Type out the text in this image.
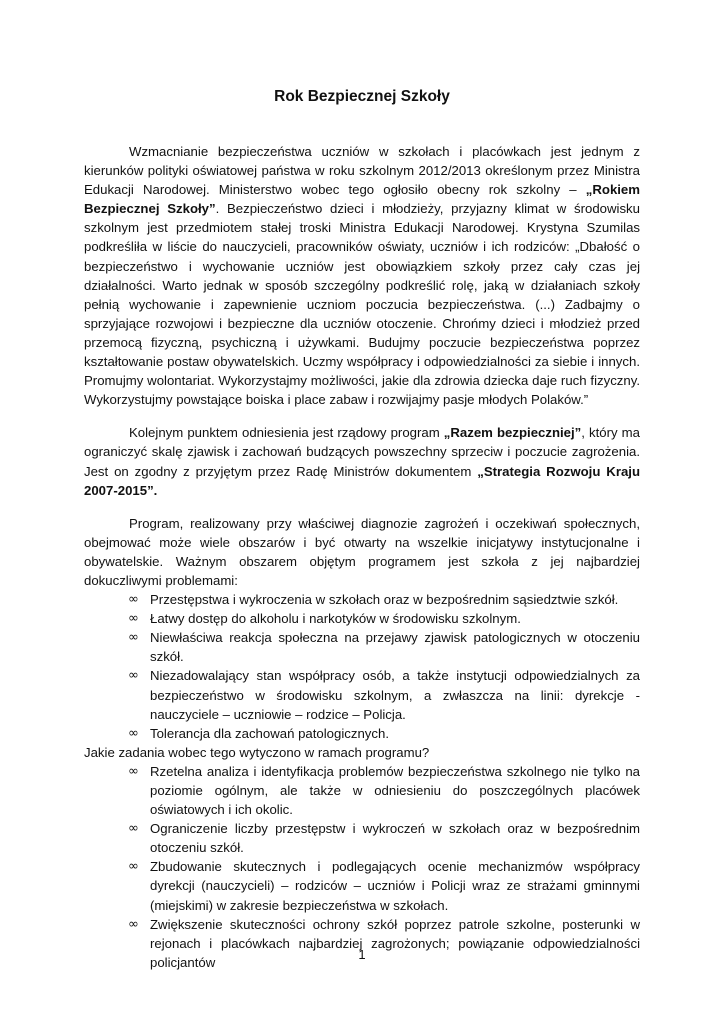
Rok Bezpiecznej Szkoły

Wzmacnianie bezpieczeństwa uczniów w szkołach i placówkach jest jednym z kierunków polityki oświatowej państwa w roku szkolnym 2012/2013 określonym przez Ministra Edukacji Narodowej. Ministerstwo wobec tego ogłosiło obecny rok szkolny – „Rokiem Bezpiecznej Szkoły”. Bezpieczeństwo dzieci i młodzieży, przyjazny klimat w środowisku szkolnym jest przedmiotem stałej troski Ministra Edukacji Narodowej. Krystyna Szumilas podkreśliła w liście do nauczycieli, pracowników oświaty, uczniów i ich rodziców: „Dbałość o bezpieczeństwo i wychowanie uczniów jest obowiązkiem szkoły przez cały czas jej działalności. Warto jednak w sposób szczególny podkreślić rolę, jaką w działaniach szkoły pełnią wychowanie i zapewnienie uczniom poczucia bezpieczeństwa. (...) Zadbajmy o sprzyjające rozwojowi i bezpieczne dla uczniów otoczenie. Chrońmy dzieci i młodzież przed przemocą fizyczną, psychiczną i używkami. Budujmy poczucie bezpieczeństwa poprzez kształtowanie postaw obywatelskich. Uczmy współpracy i odpowiedzialności za siebie i innych. Promujmy wolontariat. Wykorzystajmy możliwości, jakie dla zdrowia dziecka daje ruch fizyczny. Wykorzystujmy powstające boiska i place zabaw i rozwijajmy pasje młodych Polaków.”

Kolejnym punktem odniesienia jest rządowy program „Razem bezpieczniej”, który ma ograniczyć skalę zjawisk i zachowań budzących powszechny sprzeciw i poczucie zagrożenia. Jest on zgodny z przyjętym przez Radę Ministrów dokumentem „Strategia Rozwoju Kraju 2007-2015”.

Program, realizowany przy właściwej diagnozie zagrożeń i oczekiwań społecznych, obejmować może wiele obszarów i być otwarty na wszelkie inicjatywy instytucjonalne i obywatelskie. Ważnym obszarem objętym programem jest szkoła z jej najbardziej dokuczliwymi problemami:

∞ Przestępstwa i wykroczenia w szkołach oraz w bezpośrednim sąsiedztwie szkół.
∞ Łatwy dostęp do alkoholu i narkotyków w środowisku szkolnym.
∞ Niewłaściwa reakcja społeczna na przejawy zjawisk patologicznych w otoczeniu szkół.
∞ Niezadowalający stan współpracy osób, a także instytucji odpowiedzialnych za bezpieczeństwo w środowisku szkolnym, a zwłaszcza na linii: dyrekcje - nauczyciele – uczniowie – rodzice – Policja.
∞ Tolerancja dla zachowań patologicznych.

Jakie zadania wobec tego wytyczono w ramach programu?

∞ Rzetelna analiza i identyfikacja problemów bezpieczeństwa szkolnego nie tylko na poziomie ogólnym, ale także w odniesieniu do poszczególnych placówek oświatowych i ich okolic.
∞ Ograniczenie liczby przestępstw i wykroczeń w szkołach oraz w bezpośrednim otoczeniu szkół.
∞ Zbudowanie skutecznych i podlegających ocenie mechanizmów współpracy dyrekcji (nauczycieli) – rodziców – uczniów i Policji wraz ze strażami gminnymi (miejskimi) w zakresie bezpieczeństwa w szkołach.
∞ Zwiększenie skuteczności ochrony szkół poprzez patrole szkolne, posterunki w rejonach i placówkach najbardziej zagrożonych; powiązanie odpowiedzialności policjantów
1
